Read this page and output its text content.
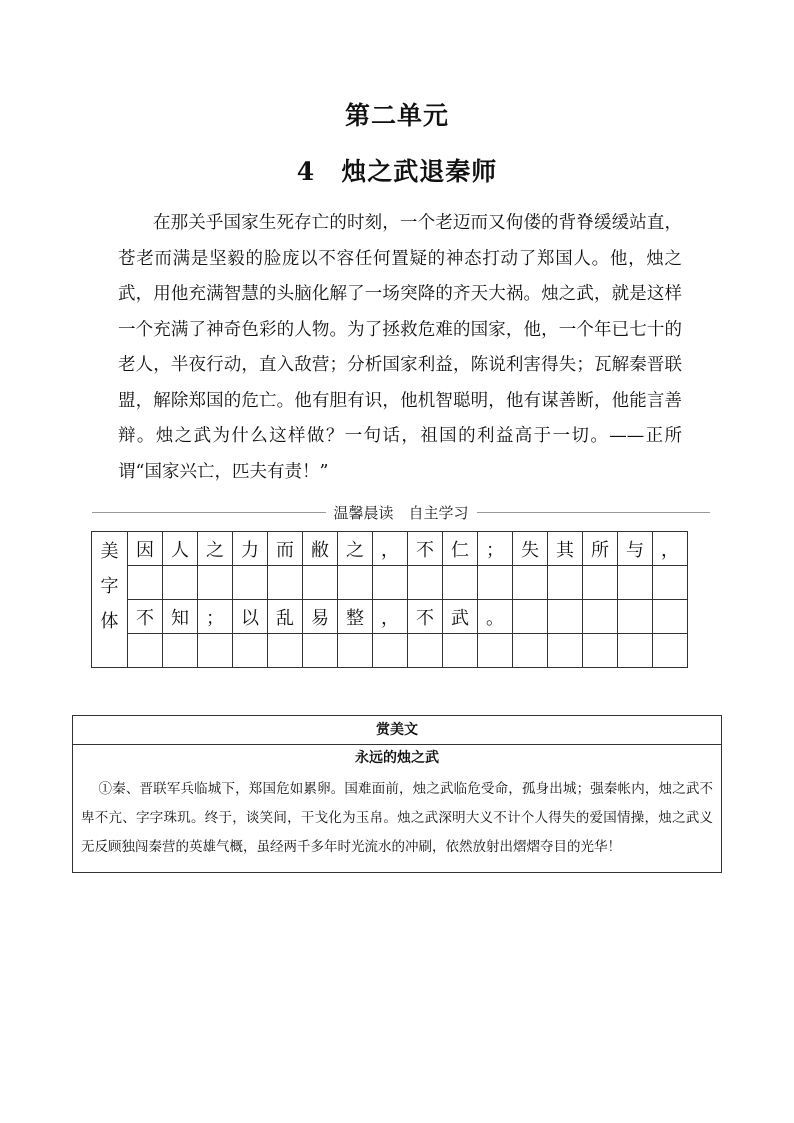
第二单元
4 烛之武退秦师
在那关乎国家生死存亡的时刻，一个老迈而又佝偻的背脊缓缓站直，苍老而满是坚毅的脸庞以不容任何置疑的神态打动了郑国人。他，烛之武，用他充满智慧的头脑化解了一场突降的齐天大祸。烛之武，就是这样一个充满了神奇色彩的人物。为了拯救危难的国家，他，一个年已七十的老人，半夜行动，直入敌营；分析国家利益，陈说利害得失；瓦解秦晋联盟，解除郑国的危亡。他有胆有识，他机智聪明，他有谋善断，他能言善辩。烛之武为什么这样做？一句话，祖国的利益高于一切。——正所谓“国家兴亡，匹夫有责！”
温馨晨读　自主学习
美
字
体	因	人	之	力	而	敝	之	，	不	仁	；	失	其	所	与	，

	不	知	；	以	乱	易	整	，	不	武	。					

赏美文
永远的烛之武
①秦、晋联军兵临城下，郑国危如累卵。国难面前，烛之武临危受命，孤身出城；强秦帐内，烛之武不卑不亢、字字珠玑。终于，谈笑间，干戈化为玉帛。烛之武深明大义不计个人得失的爱国情操，烛之武义无反顾独闯秦营的英雄气概，虽经两千多年时光流水的冲刷，依然放射出熠熠夺目的光华！
